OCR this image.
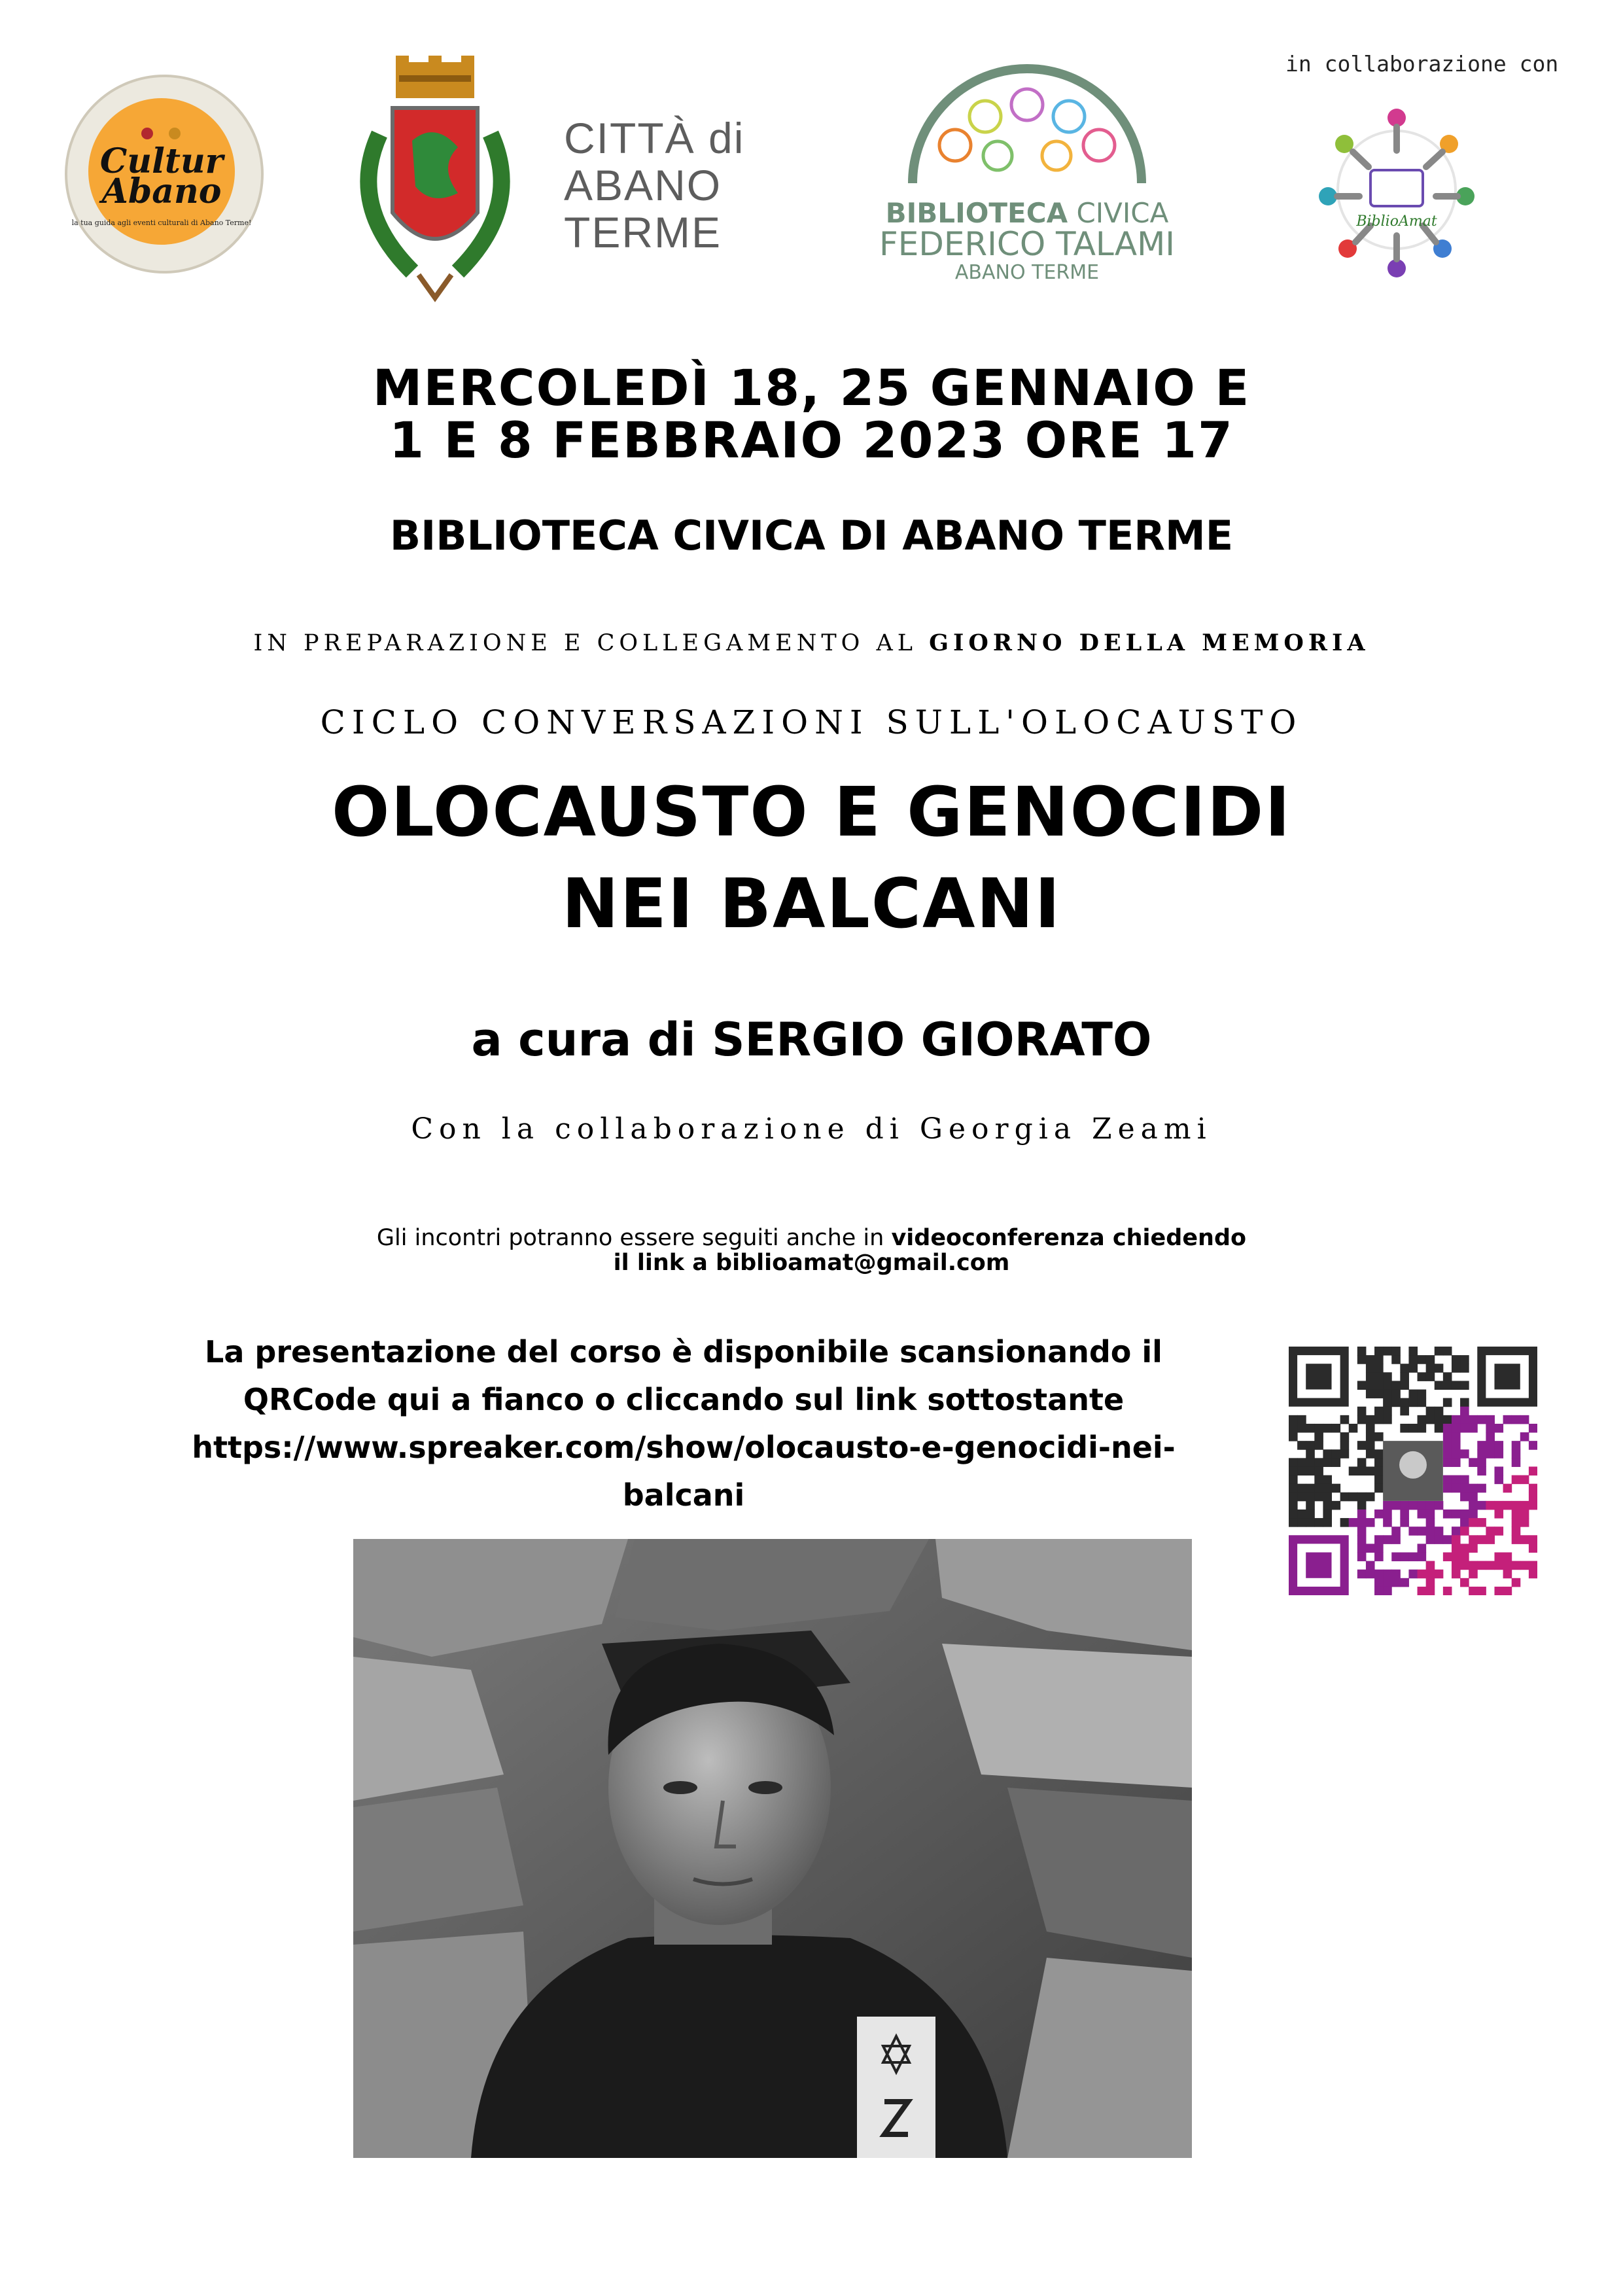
Cultur
Abano
la tua guida agli eventi culturali di Abano Terme!
CITTÀ di
ABANO
TERME	BIBLIOTECA CIVICA
FEDERICO TALAMI
ABANO TERME
in collaborazione con
BiblioAmat
MERCOLEDÌ 18, 25 GENNAIO E
1 E 8 FEBBRAIO 2023 ORE 17
BIBLIOTECA CIVICA DI ABANO TERME
IN PREPARAZIONE E COLLEGAMENTO AL GIORNO DELLA MEMORIA
CICLO CONVERSAZIONI SULL'OLOCAUSTO
OLOCAUSTO E GENOCIDI
NEI BALCANI
a cura di SERGIO GIORATO
Con la collaborazione di Georgia Zeami
Gli incontri potranno essere seguiti anche in videoconferenza chiedendo
il link a biblioamat@gmail.com
La presentazione del corso è disponibile scansionando il
QRCode qui a fianco o cliccando sul link sottostante
https://www.spreaker.com/show/olocausto-e-genocidi-nei-
balcani
